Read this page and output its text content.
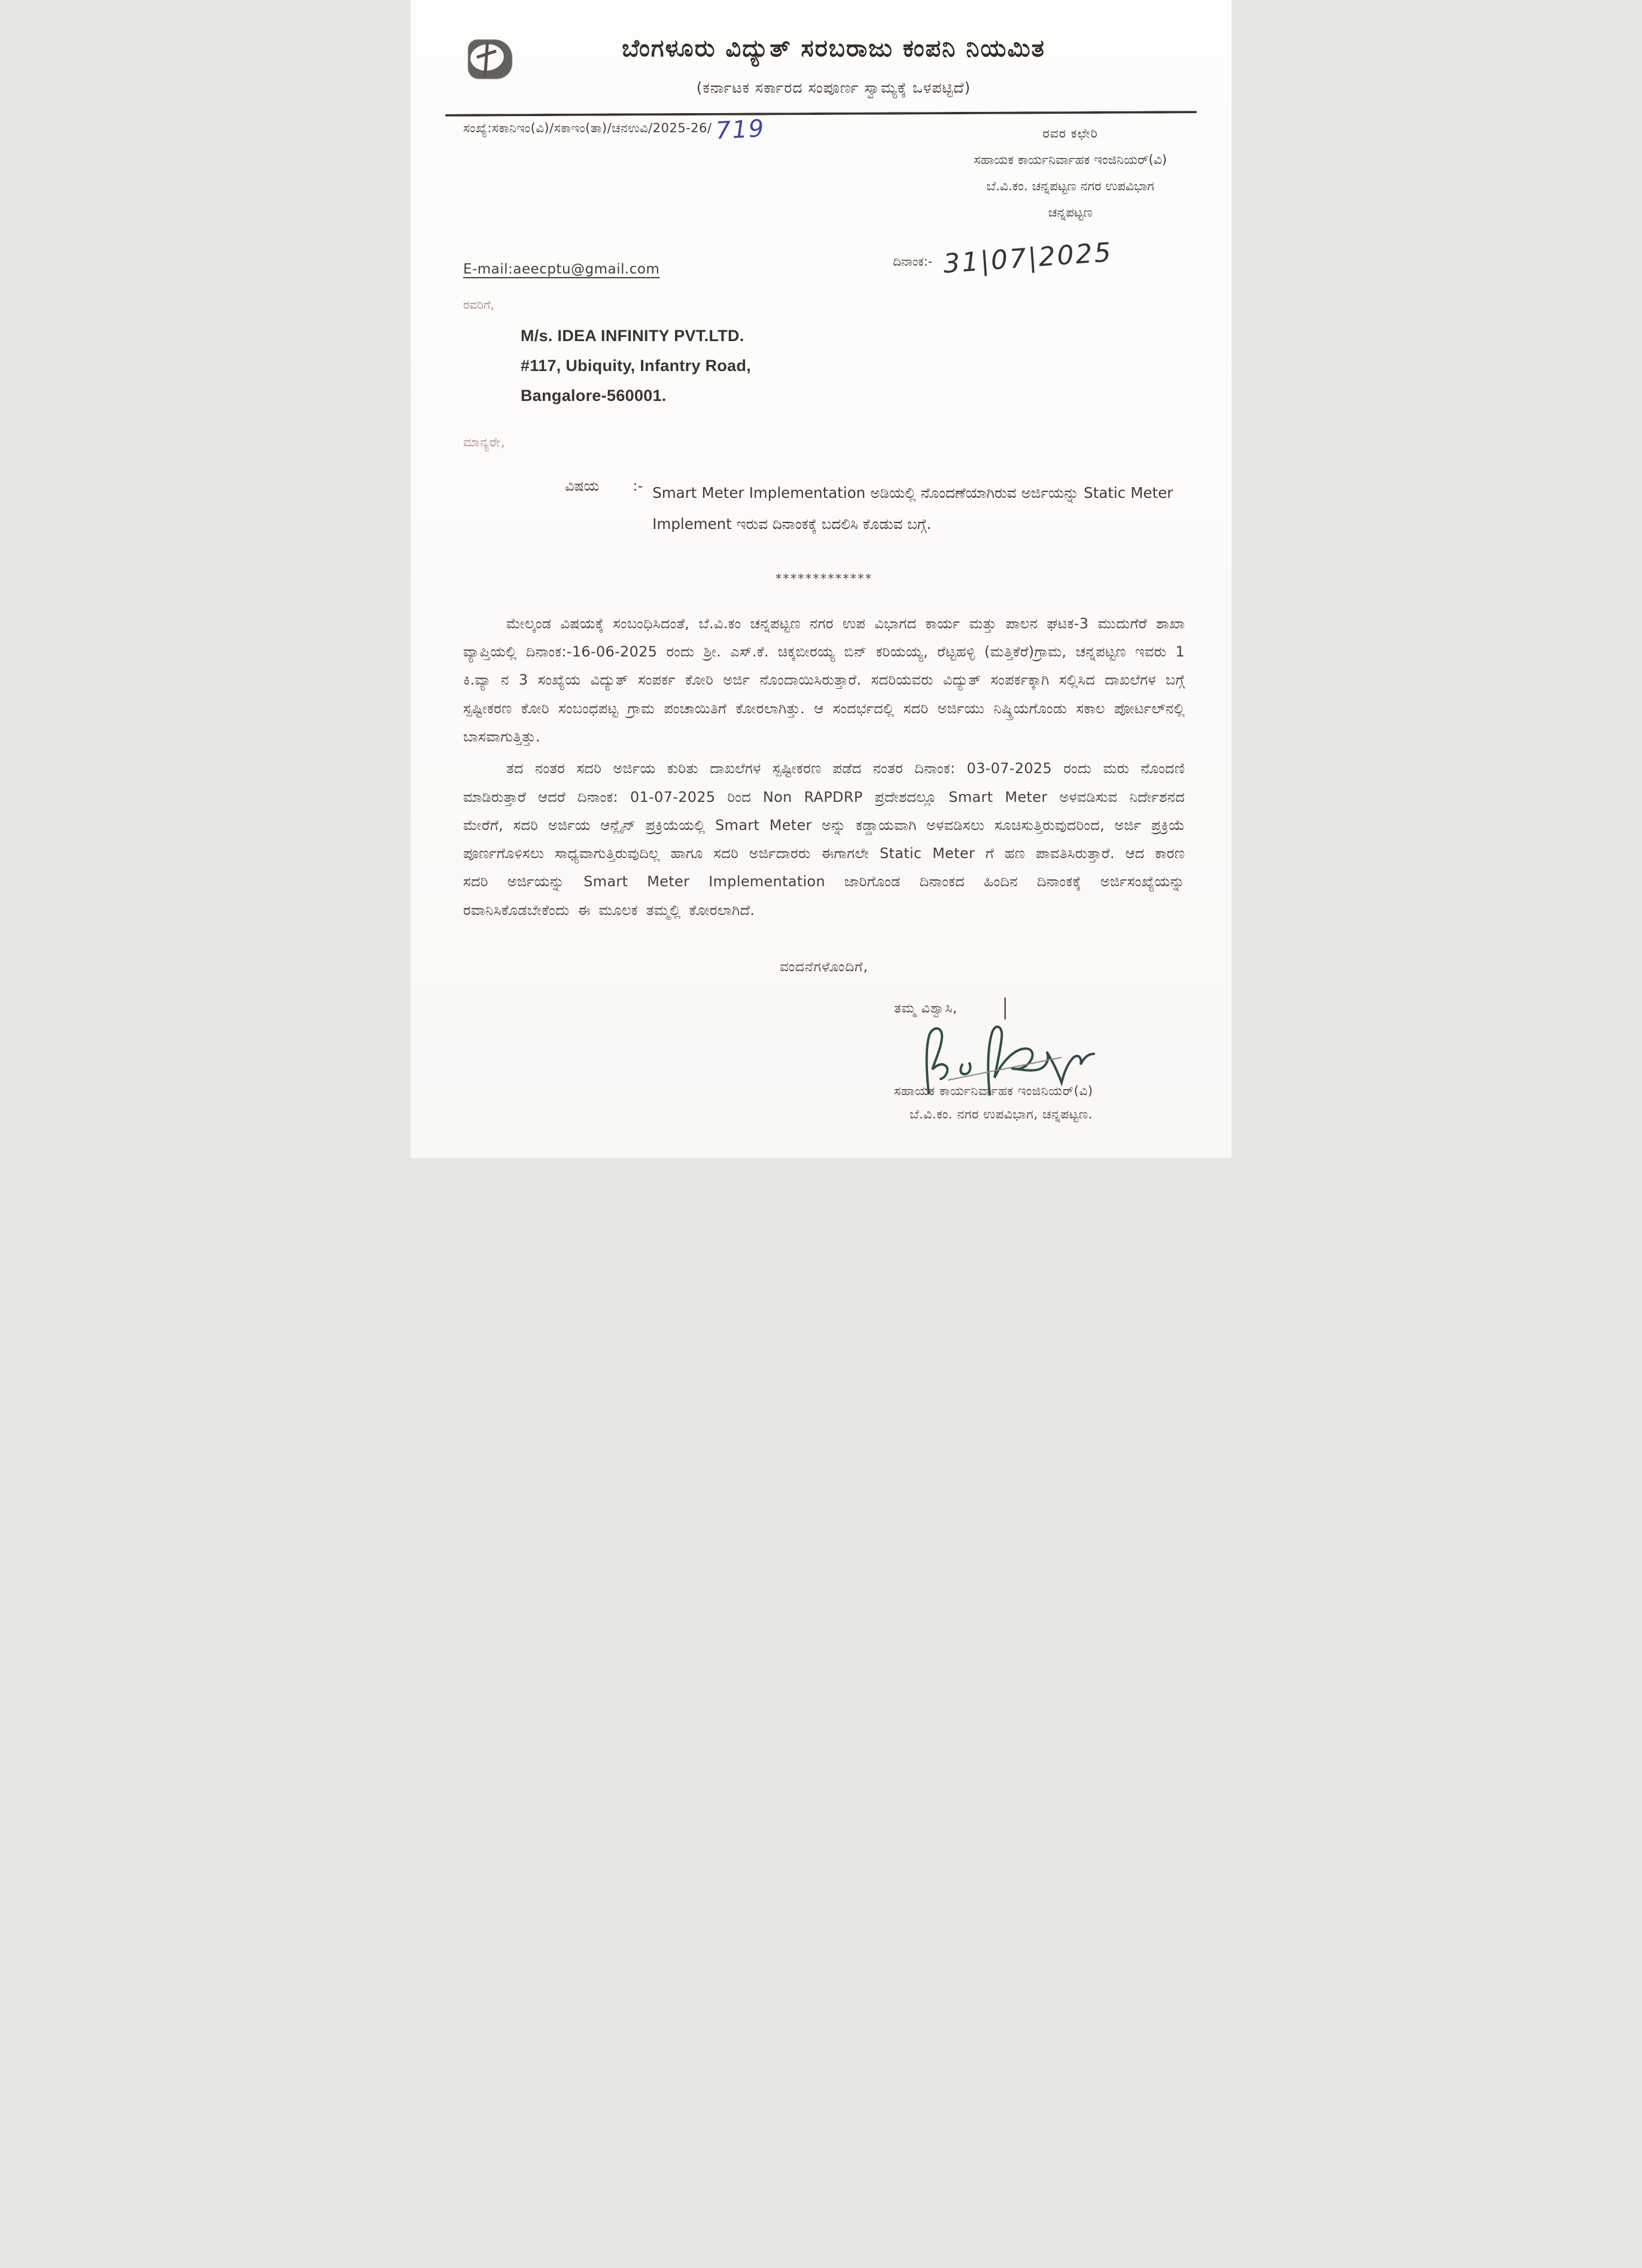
ಬೆಂಗಳೂರು ವಿದ್ಯುತ್ ಸರಬರಾಜು ಕಂಪನಿ ನಿಯಮಿತ
(ಕರ್ನಾಟಕ ಸರ್ಕಾರದ ಸಂಪೂರ್ಣ ಸ್ವಾಮ್ಯಕ್ಕೆ ಒಳಪಟ್ಟಿದೆ)
ಸಂಖ್ಯೆ:ಸಕಾನಿಇಂ(ವಿ)/ಸಕಾಇಂ(ತಾ)/ಚನಉವಿ/2025-26/ 719	ರವರ ಕಛೇರಿ
ಸಹಾಯಕ ಕಾರ್ಯನಿರ್ವಾಹಕ ಇಂಜಿನಿಯರ್(ವಿ)
ಬೆ.ವಿ.ಕಂ. ಚನ್ನಪಟ್ಟಣ ನಗರ ಉಪವಿಭಾಗ
ಚನ್ನಪಟ್ಟಣ
E-mail:aeecptu@gmail.com	ದಿನಾಂಕ:- 31|07|2025
ರವರಿಗೆ,
M/s. IDEA INFINITY PVT.LTD.
#117, Ubiquity, Infantry Road,
Bangalore-560001.
ಮಾನ್ಯರೇ,
ವಿಷಯ :- Smart Meter Implementation ಅಡಿಯಲ್ಲಿ ನೊಂದಣೆಯಾಗಿರುವ ಅರ್ಜಿಯನ್ನು Static Meter Implement ಇರುವ ದಿನಾಂಕಕ್ಕೆ ಬದಲಿಸಿ ಕೊಡುವ ಬಗ್ಗೆ.
*************
ಮೇಲ್ಕಂಡ ವಿಷಯಕ್ಕೆ ಸಂಬಂಧಿಸಿದಂತೆ, ಬೆ.ವಿ.ಕಂ ಚನ್ನಪಟ್ಟಣ ನಗರ ಉಪ ವಿಭಾಗದ ಕಾರ್ಯ ಮತ್ತು ಪಾಲನ ಘಟಕ-3 ಮುದುಗೆರೆ ಶಾಖಾ ವ್ಯಾಪ್ತಿಯಲ್ಲಿ ದಿನಾಂಕ:-16-06-2025 ರಂದು ಶ್ರೀ. ಎಸ್.ಕೆ. ಚಿಕ್ಕಬೀರಯ್ಯ ಬಿನ್ ಕರಿಯಯ್ಯ, ರೆಟ್ಟಹಳ್ಳಿ (ಮತ್ತಿಕೆರೆ)ಗ್ರಾಮ, ಚನ್ನಪಟ್ಟಣ ಇವರು 1 ಕಿ.ವ್ಯಾ ನ 3 ಸಂಖ್ಯೆಯ ವಿದ್ಯುತ್ ಸಂಪರ್ಕ ಕೋರಿ ಅರ್ಜಿ ನೊಂದಾಯಿಸಿರುತ್ತಾರೆ. ಸದರಿಯವರು ವಿದ್ಯುತ್ ಸಂಪರ್ಕಕ್ಕಾಗಿ ಸಲ್ಲಿಸಿದ ದಾಖಲೆಗಳ ಬಗ್ಗೆ ಸ್ಪಷ್ಟೀಕರಣ ಕೋರಿ ಸಂಬಂಧಪಟ್ಟ ಗ್ರಾಮ ಪಂಚಾಯಿತಿಗೆ ಕೋರಲಾಗಿತ್ತು. ಆ ಸಂದರ್ಭದಲ್ಲಿ ಸದರಿ ಅರ್ಜಿಯು ನಿಷ್ಕ್ರಿಯಗೊಂಡು ಸಕಾಲ ಪೋರ್ಟಲ್‌ನಲ್ಲಿ ಬಾಸವಾಗುತ್ತಿತ್ತು.
ತದ ನಂತರ ಸದರಿ ಅರ್ಜಿಯ ಕುರಿತು ದಾಖಲೆಗಳ ಸ್ಪಷ್ಟೀಕರಣ ಪಡೆದ ನಂತರ ದಿನಾಂಕ: 03-07-2025 ರಂದು ಮರು ನೊಂದಣಿ ಮಾಡಿರುತ್ತಾರೆ ಆದರೆ ದಿನಾಂಕ: 01-07-2025 ರಿಂದ Non RAPDRP ಪ್ರದೇಶದಲ್ಲೂ Smart Meter ಅಳವಡಿಸುವ ನಿರ್ದೇಶನದ ಮೇರೆಗೆ, ಸದರಿ ಅರ್ಜಿಯ ಆನ್ಲೈನ್ ಪ್ರಕ್ರಿಯೆಯಲ್ಲಿ Smart Meter ಅನ್ನು ಕಡ್ಡಾಯವಾಗಿ ಅಳವಡಿಸಲು ಸೂಚಿಸುತ್ತಿರುವುದರಿಂದ, ಅರ್ಜಿ ಪ್ರಕ್ರಿಯೆ ಪೂರ್ಣಗೊಳಿಸಲು ಸಾಧ್ಯವಾಗುತ್ತಿರುವುದಿಲ್ಲ ಹಾಗೂ ಸದರಿ ಅರ್ಜಿದಾರರು ಈಗಾಗಲೇ Static Meter ಗೆ ಹಣ ಪಾವತಿಸಿರುತ್ತಾರೆ. ಆದ ಕಾರಣ ಸದರಿ ಅರ್ಜಿಯನ್ನು Smart Meter Implementation ಜಾರಿಗೊಂಡ ದಿನಾಂಕದ ಹಿಂದಿನ ದಿನಾಂಕಕ್ಕೆ ಅರ್ಜಿಸಂಖ್ಯೆಯನ್ನು ರವಾನಿಸಿಕೊಡಬೇಕೆಂದು ಈ ಮೂಲಕ ತಮ್ಮಲ್ಲಿ ಕೋರಲಾಗಿದೆ.
ವಂದನೆಗಳೊಂದಿಗೆ,
ತಮ್ಮ ವಿಶ್ವಾಸಿ,	|
ಸಹಾಯಕ ಕಾರ್ಯನಿರ್ವಾಹಕ ಇಂಜಿನಿಯರ್(ವಿ)
ಬೆ.ವಿ.ಕಂ. ನಗರ ಉಪವಿಭಾಗ, ಚನ್ನಪಟ್ಟಣ.
